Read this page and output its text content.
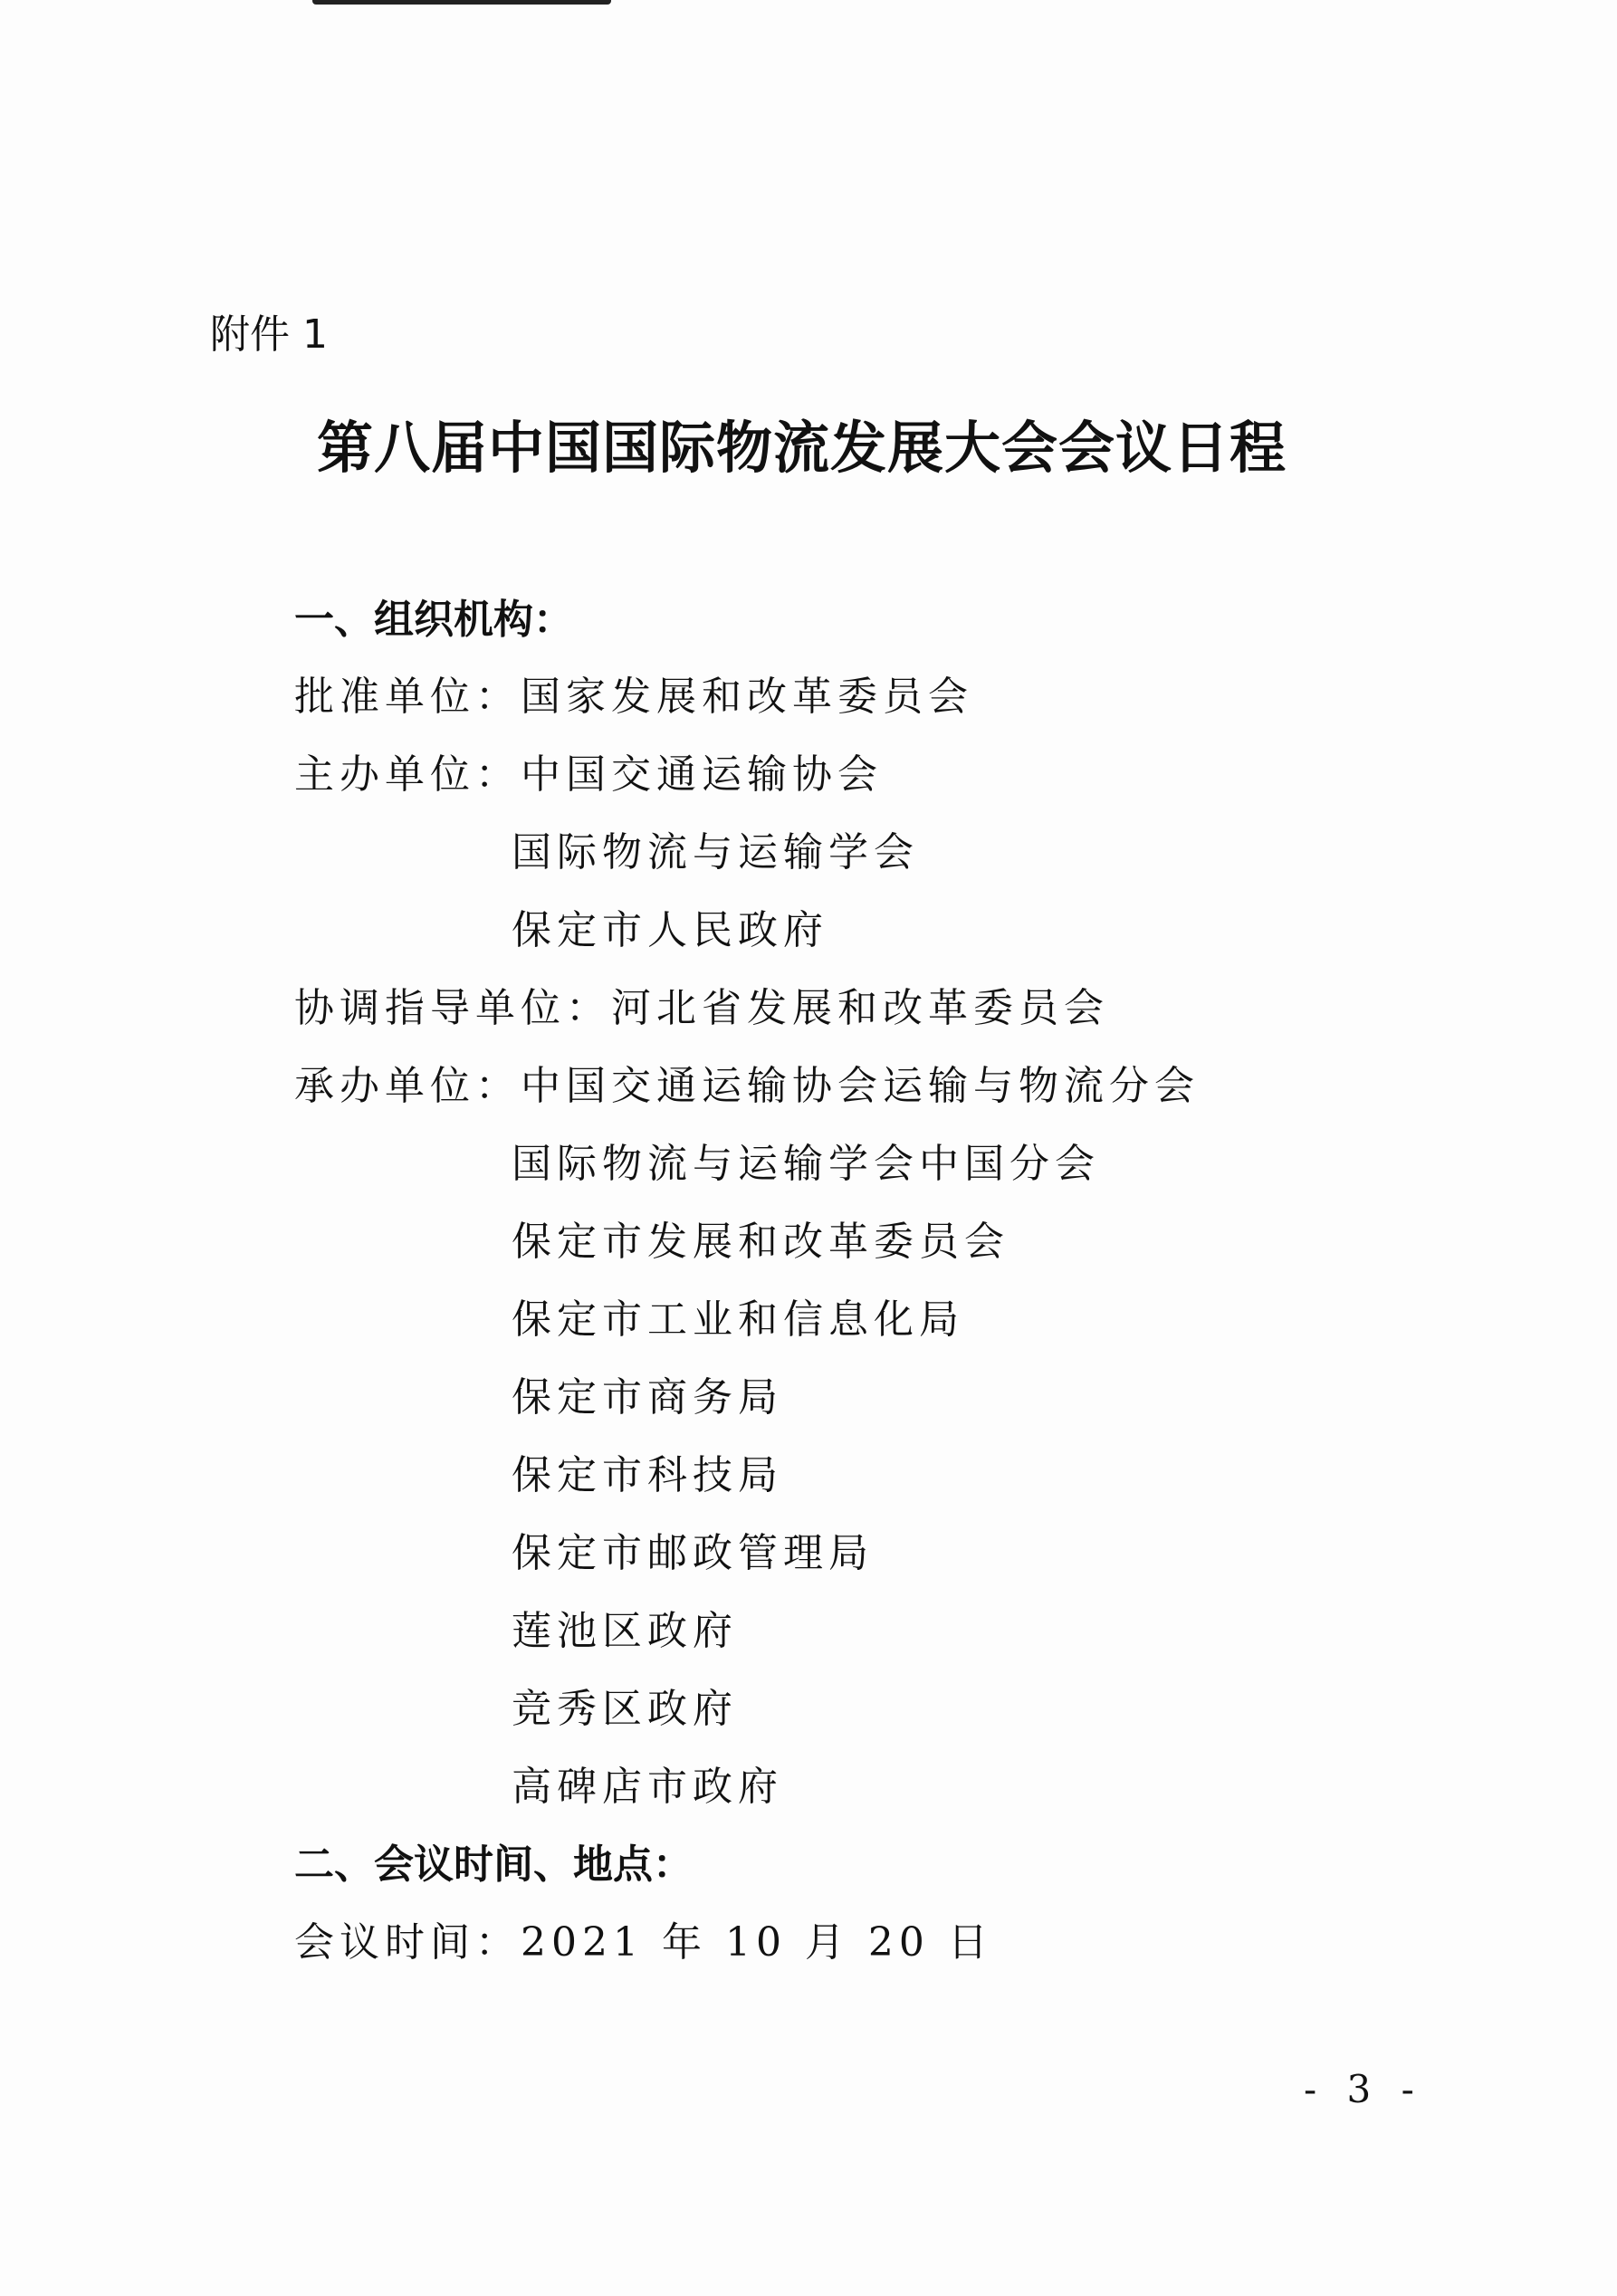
附件 1
第八届中国国际物流发展大会会议日程
一、组织机构：
批准单位：国家发展和改革委员会
主办单位：中国交通运输协会
国际物流与运输学会
保定市人民政府
协调指导单位：河北省发展和改革委员会
承办单位：中国交通运输协会运输与物流分会
国际物流与运输学会中国分会
保定市发展和改革委员会
保定市工业和信息化局
保定市商务局
保定市科技局
保定市邮政管理局
莲池区政府
竞秀区政府
高碑店市政府
二、会议时间、地点：
会议时间：2021 年 10 月 20 日
- 3 -
